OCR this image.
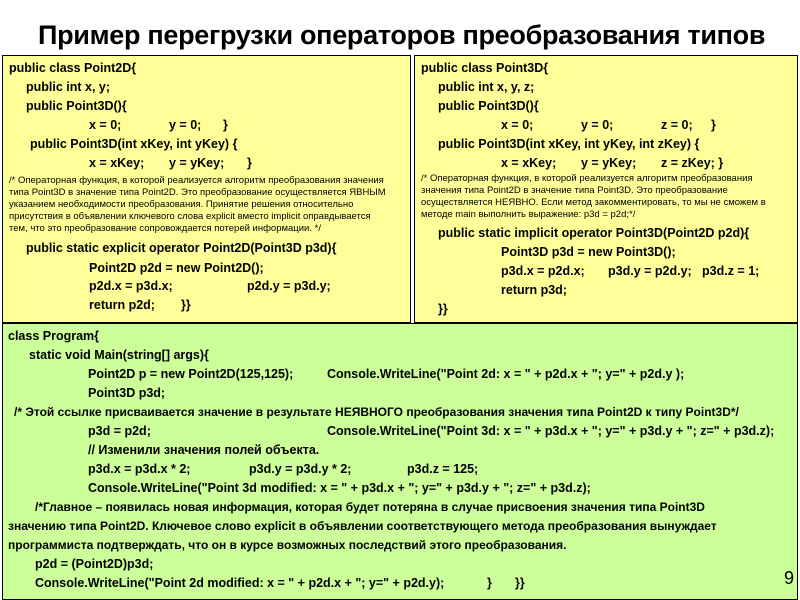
Пример перегрузки операторов преобразования типов
public class Point2D{
public int x, y;
public Point3D(){
x = 0;	y = 0; }
public Point3D(int xKey, int yKey) {
x = xKey; y = yKey; }
/* Операторная функция, в которой реализуется алгоритм преобразования значения
типа Point3D в значение типа Point2D. Это преобразование осуществляется ЯВНЫМ
указанием необходимости преобразования. Принятие решения относительно
присутствия в объявлении ключевого слова explicit вместо implicit оправдывается
тем, что это преобразование сопровождается потерей информации. */
public static explicit operator Point2D(Point3D p3d){
Point2D p2d = new Point2D();
p2d.x = p3d.x;	p2d.y = p3d.y;
return p2d; }}
public class Point3D{
public int x, y, z;
public Point3D(){
x = 0;	y = 0;	z = 0; }
public Point3D(int xKey, int yKey, int zKey) {
x = xKey; y = yKey; z = zKey; }
/* Операторная функция, в которой реализуется алгоритм преобразования
значения типа Point2D в значение типа Point3D. Это преобразование
осуществляется НЕЯВНО. Если метод закомментировать, то мы не сможем в
методе main выполнить выражение: p3d = p2d;*/
public static implicit operator Point3D(Point2D p2d){
Point3D p3d = new Point3D();
p3d.x = p2d.x; p3d.y = p2d.y; p3d.z = 1;
return p3d;
}}
class Program{
static void Main(string[] args){
Point2D p = new Point2D(125,125);	Console.WriteLine("Point 2d: x = " + p2d.x + "; y=" + p2d.y );
Point3D p3d;
/* Этой ссылке присваивается значение в результате НЕЯВНОГО преобразования значения типа Point2D к типу Point3D*/
p3d = p2d;	Console.WriteLine("Point 3d: x = " + p3d.x + "; y=" + p3d.y + "; z=" + p3d.z);
// Изменили значения полей объекта.
p3d.x = p3d.x * 2;	p3d.y = p3d.y * 2;	p3d.z = 125;
Console.WriteLine("Point 3d modified: x = " + p3d.x + "; y=" + p3d.y + "; z=" + p3d.z);
/*Главное – появилась новая информация, которая будет потеряна в случае присвоения значения типа Point3D
значению типа Point2D. Ключевое слово explicit в объявлении соответствующего метода преобразования вынуждает
программиста подтверждать, что он в курсе возможных последствий этого преобразования.
p2d = (Point2D)p3d;
Console.WriteLine("Point 2d modified: x = " + p2d.x + "; y=" + p2d.y);	} }}	9
